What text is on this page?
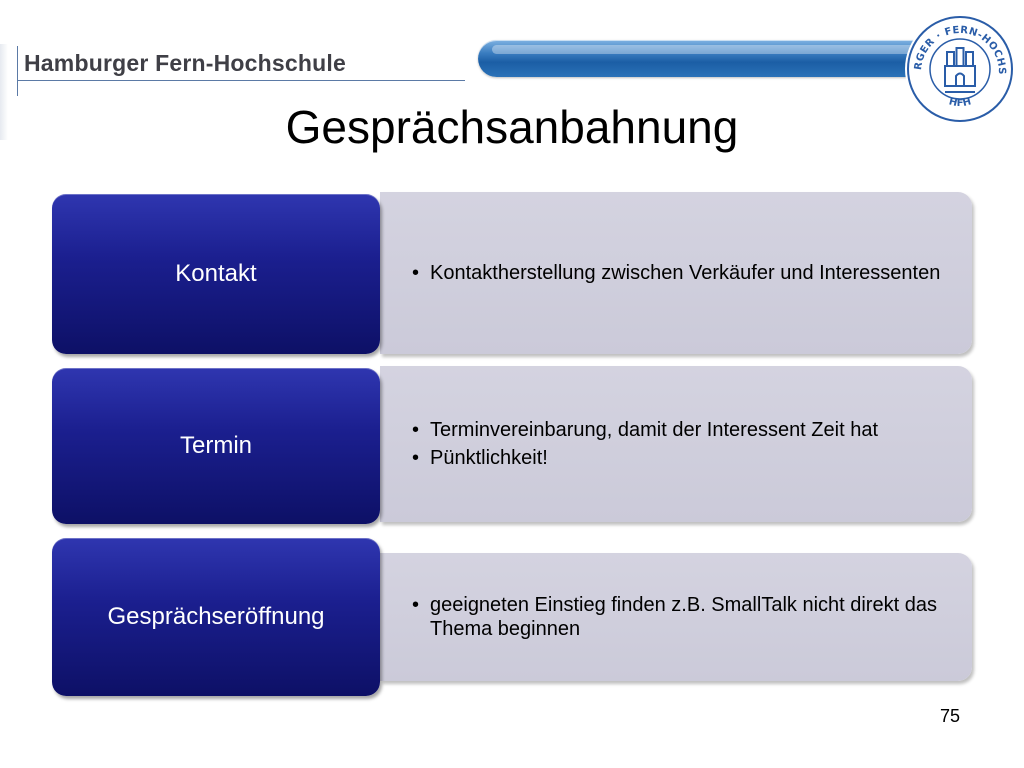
Hamburger Fern-Hochschule	RGER · FERN-HOCHS
HFH
Gesprächsanbahnung
• Kontaktherstellung zwischen Verkäufer und Interessenten
Kontakt
• Terminvereinbarung, damit der Interessent Zeit hat
• Pünktlichkeit!
Termin
• geeigneten Einstieg finden z.B. SmallTalk nicht direkt das Thema beginnen
Gesprächseröffnung
75
